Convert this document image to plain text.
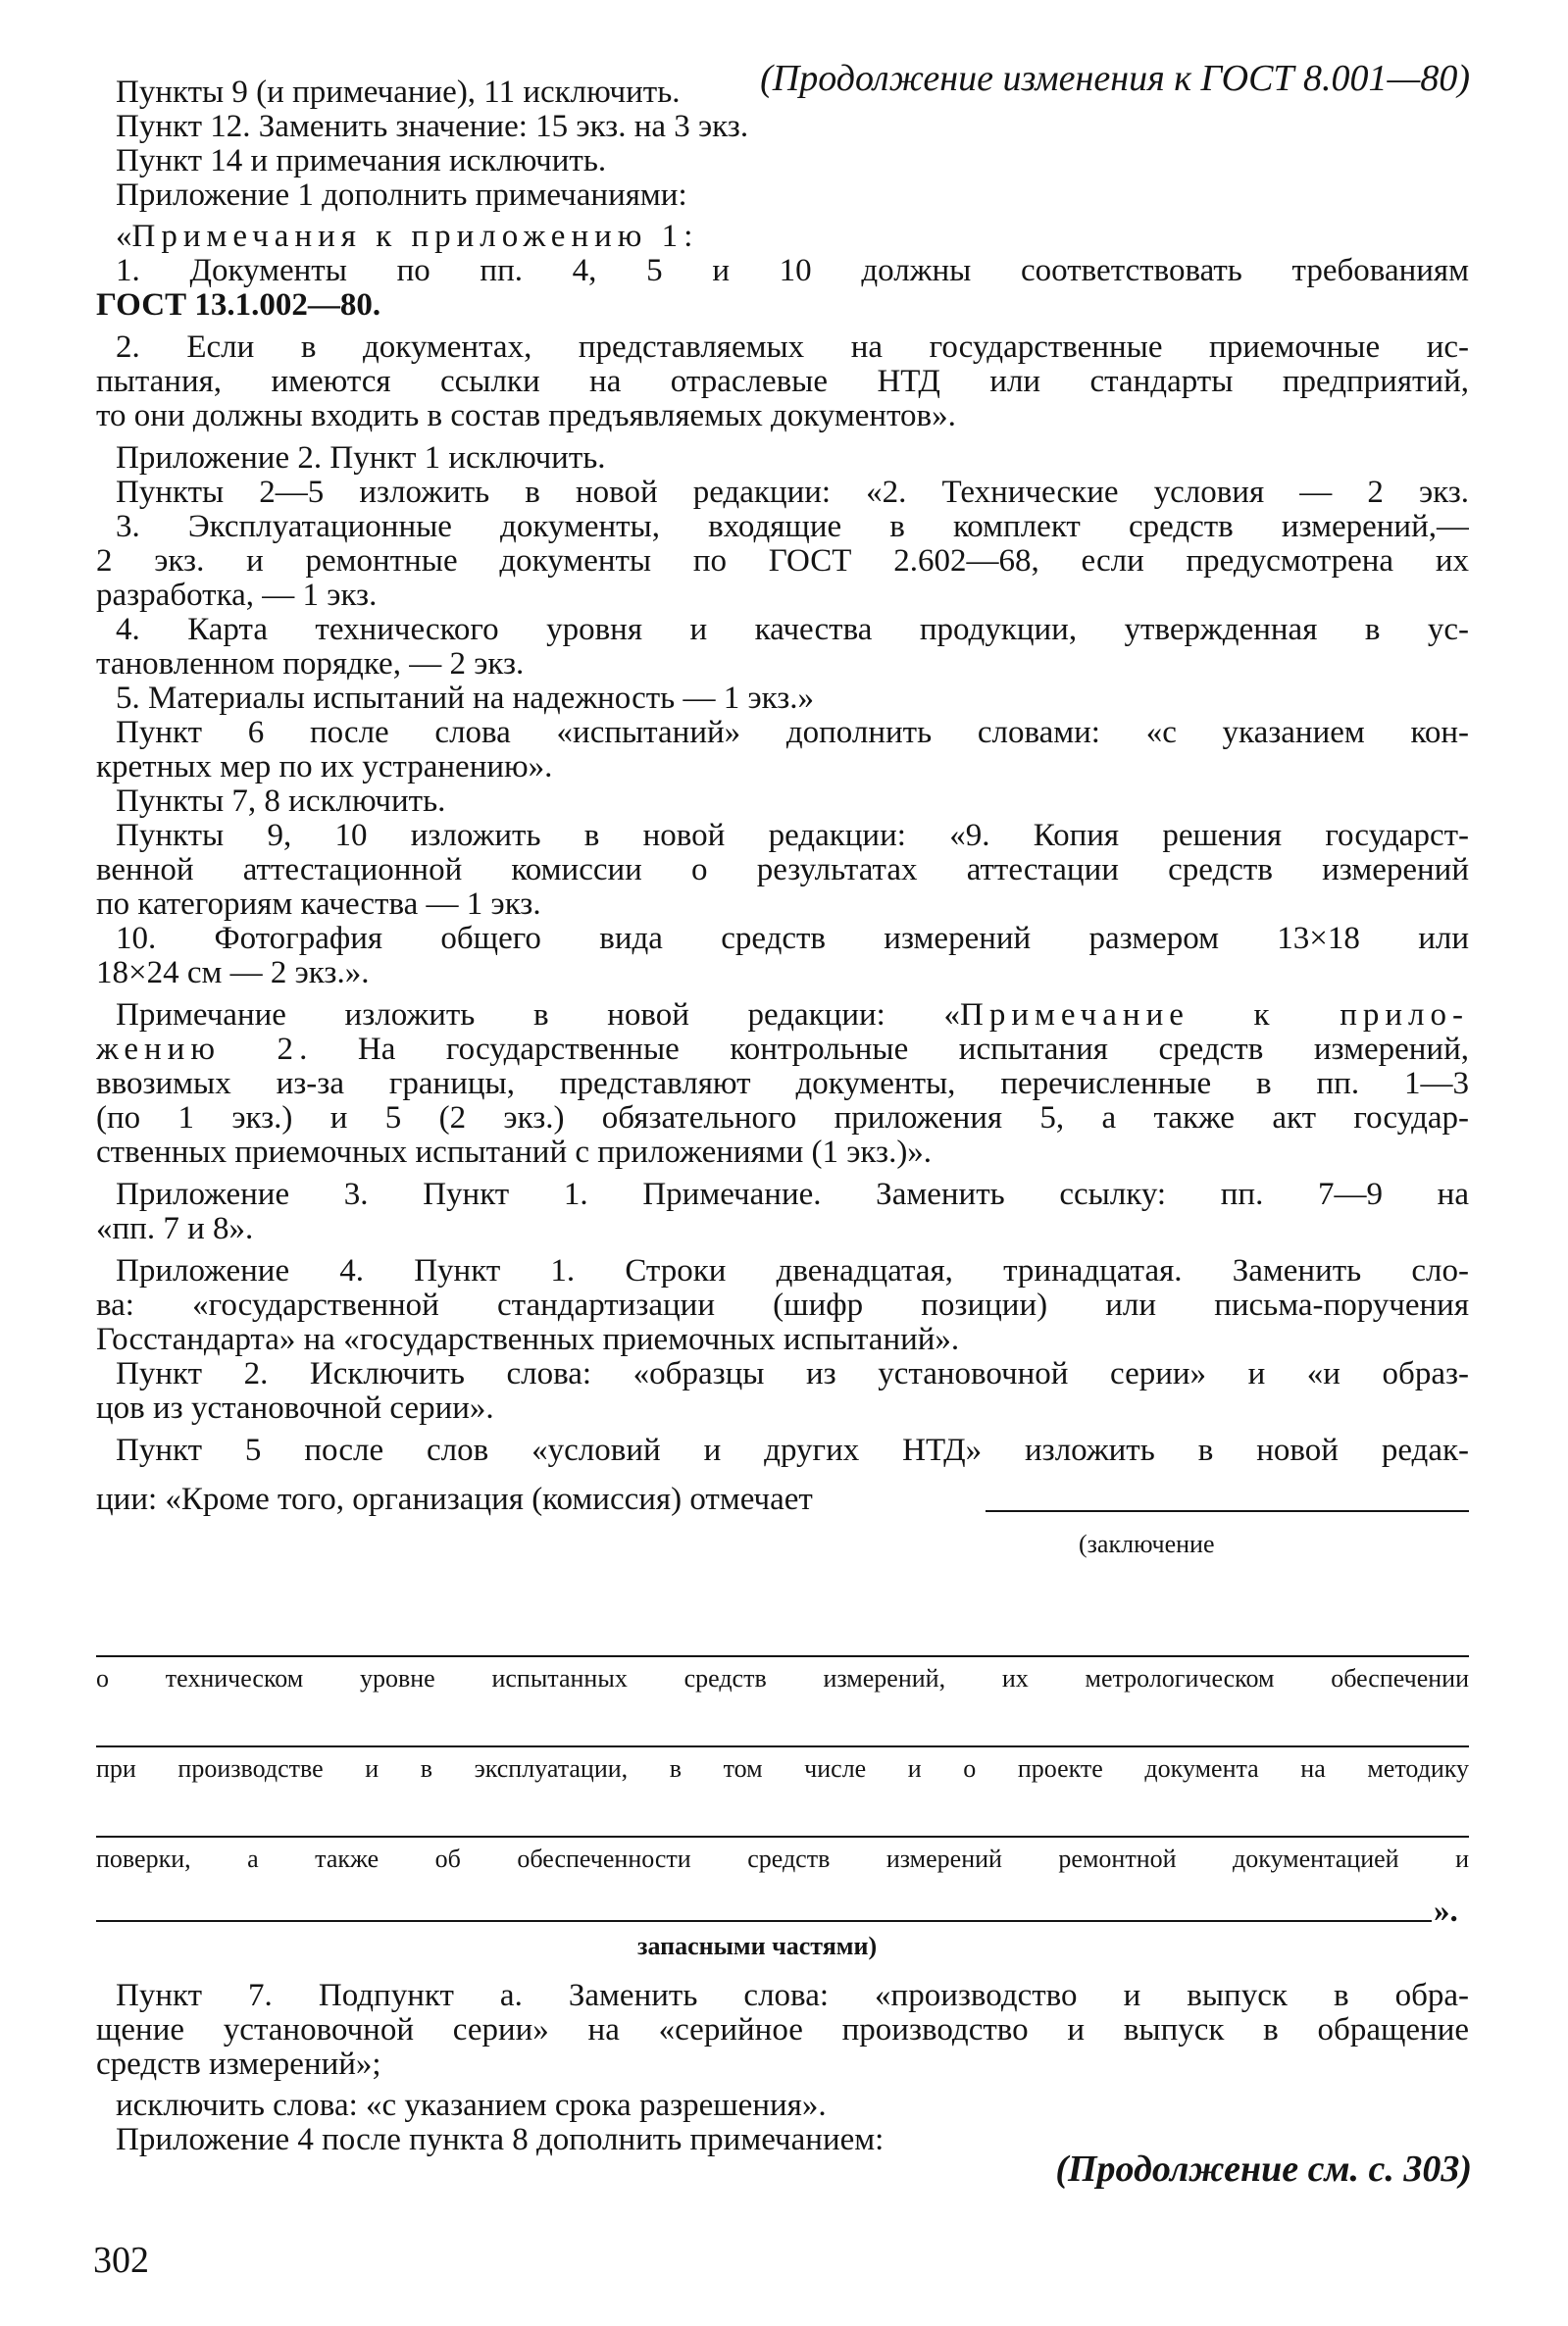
(Продолжение изменения к ГОСТ 8.001—80)
Пункты 9 (и примечание), 11 исключить.
Пункт 12. Заменить значение: 15 экз. на 3 экз.
Пункт 14 и примечания исключить.
Приложение 1 дополнить примечаниями:
«Примечания к приложению 1:
1. Документы по пп. 4, 5 и 10 должны соответствовать требованиям
ГОСТ 13.1.002—80.
2. Если в документах, представляемых на государственные приемочные ис-
пытания, имеются ссылки на отраслевые НТД или стандарты предприятий,
то они должны входить в состав предъявляемых документов».
Приложение 2. Пункт 1 исключить.
Пункты 2—5 изложить в новой редакции: «2. Технические условия — 2 экз.
3. Эксплуатационные документы, входящие в комплект средств измерений,—
2 экз. и ремонтные документы по ГОСТ 2.602—68, если предусмотрена их
разработка, — 1 экз.
4. Карта технического уровня и качества продукции, утвержденная в ус-
тановленном порядке, — 2 экз.
5. Материалы испытаний на надежность — 1 экз.»
Пункт 6 после слова «испытаний» дополнить словами: «с указанием кон-
кретных мер по их устранению».
Пункты 7, 8 исключить.
Пункты 9, 10 изложить в новой редакции: «9. Копия решения государст-
венной аттестационной комиссии о результатах аттестации средств измерений
по категориям качества — 1 экз.
10. Фотография общего вида средств измерений размером 13×18 или
18×24 см — 2 экз.».
Примечание изложить в новой редакции: «Примечание к прило-
жению 2. На государственные контрольные испытания средств измерений,
ввозимых из-за границы, представляют документы, перечисленные в пп. 1—3
(по 1 экз.) и 5 (2 экз.) обязательного приложения 5, а также акт государ-
ственных приемочных испытаний с приложениями (1 экз.)».
Приложение 3. Пункт 1. Примечание. Заменить ссылку: пп. 7—9 на
«пп. 7 и 8».
Приложение 4. Пункт 1. Строки двенадцатая, тринадцатая. Заменить сло-
ва: «государственной стандартизации (шифр позиции) или письма-поручения
Госстандарта» на «государственных приемочных испытаний».
Пункт 2. Исключить слова: «образцы из установочной серии» и «и образ-
цов из установочной серии».
Пункт 5 после слов «условий и других НТД» изложить в новой редак-
ции: «Кроме того, организация (комиссия) отмечает
(заключение
о техническом уровне испытанных средств измерений, их метрологическом обеспечении
при производстве и в эксплуатации, в том числе и о проекте документа на методику
поверки, а также об обеспеченности средств измерений ремонтной документацией и
».
запасными частями)
Пункт 7. Подпункт а. Заменить слова: «производство и выпуск в обра-
щение установочной серии» на «серийное производство и выпуск в обращение
средств измерений»;
исключить слова: «с указанием срока разрешения».
Приложение 4 после пункта 8 дополнить примечанием:
(Продолжение см. с. 303)
302
